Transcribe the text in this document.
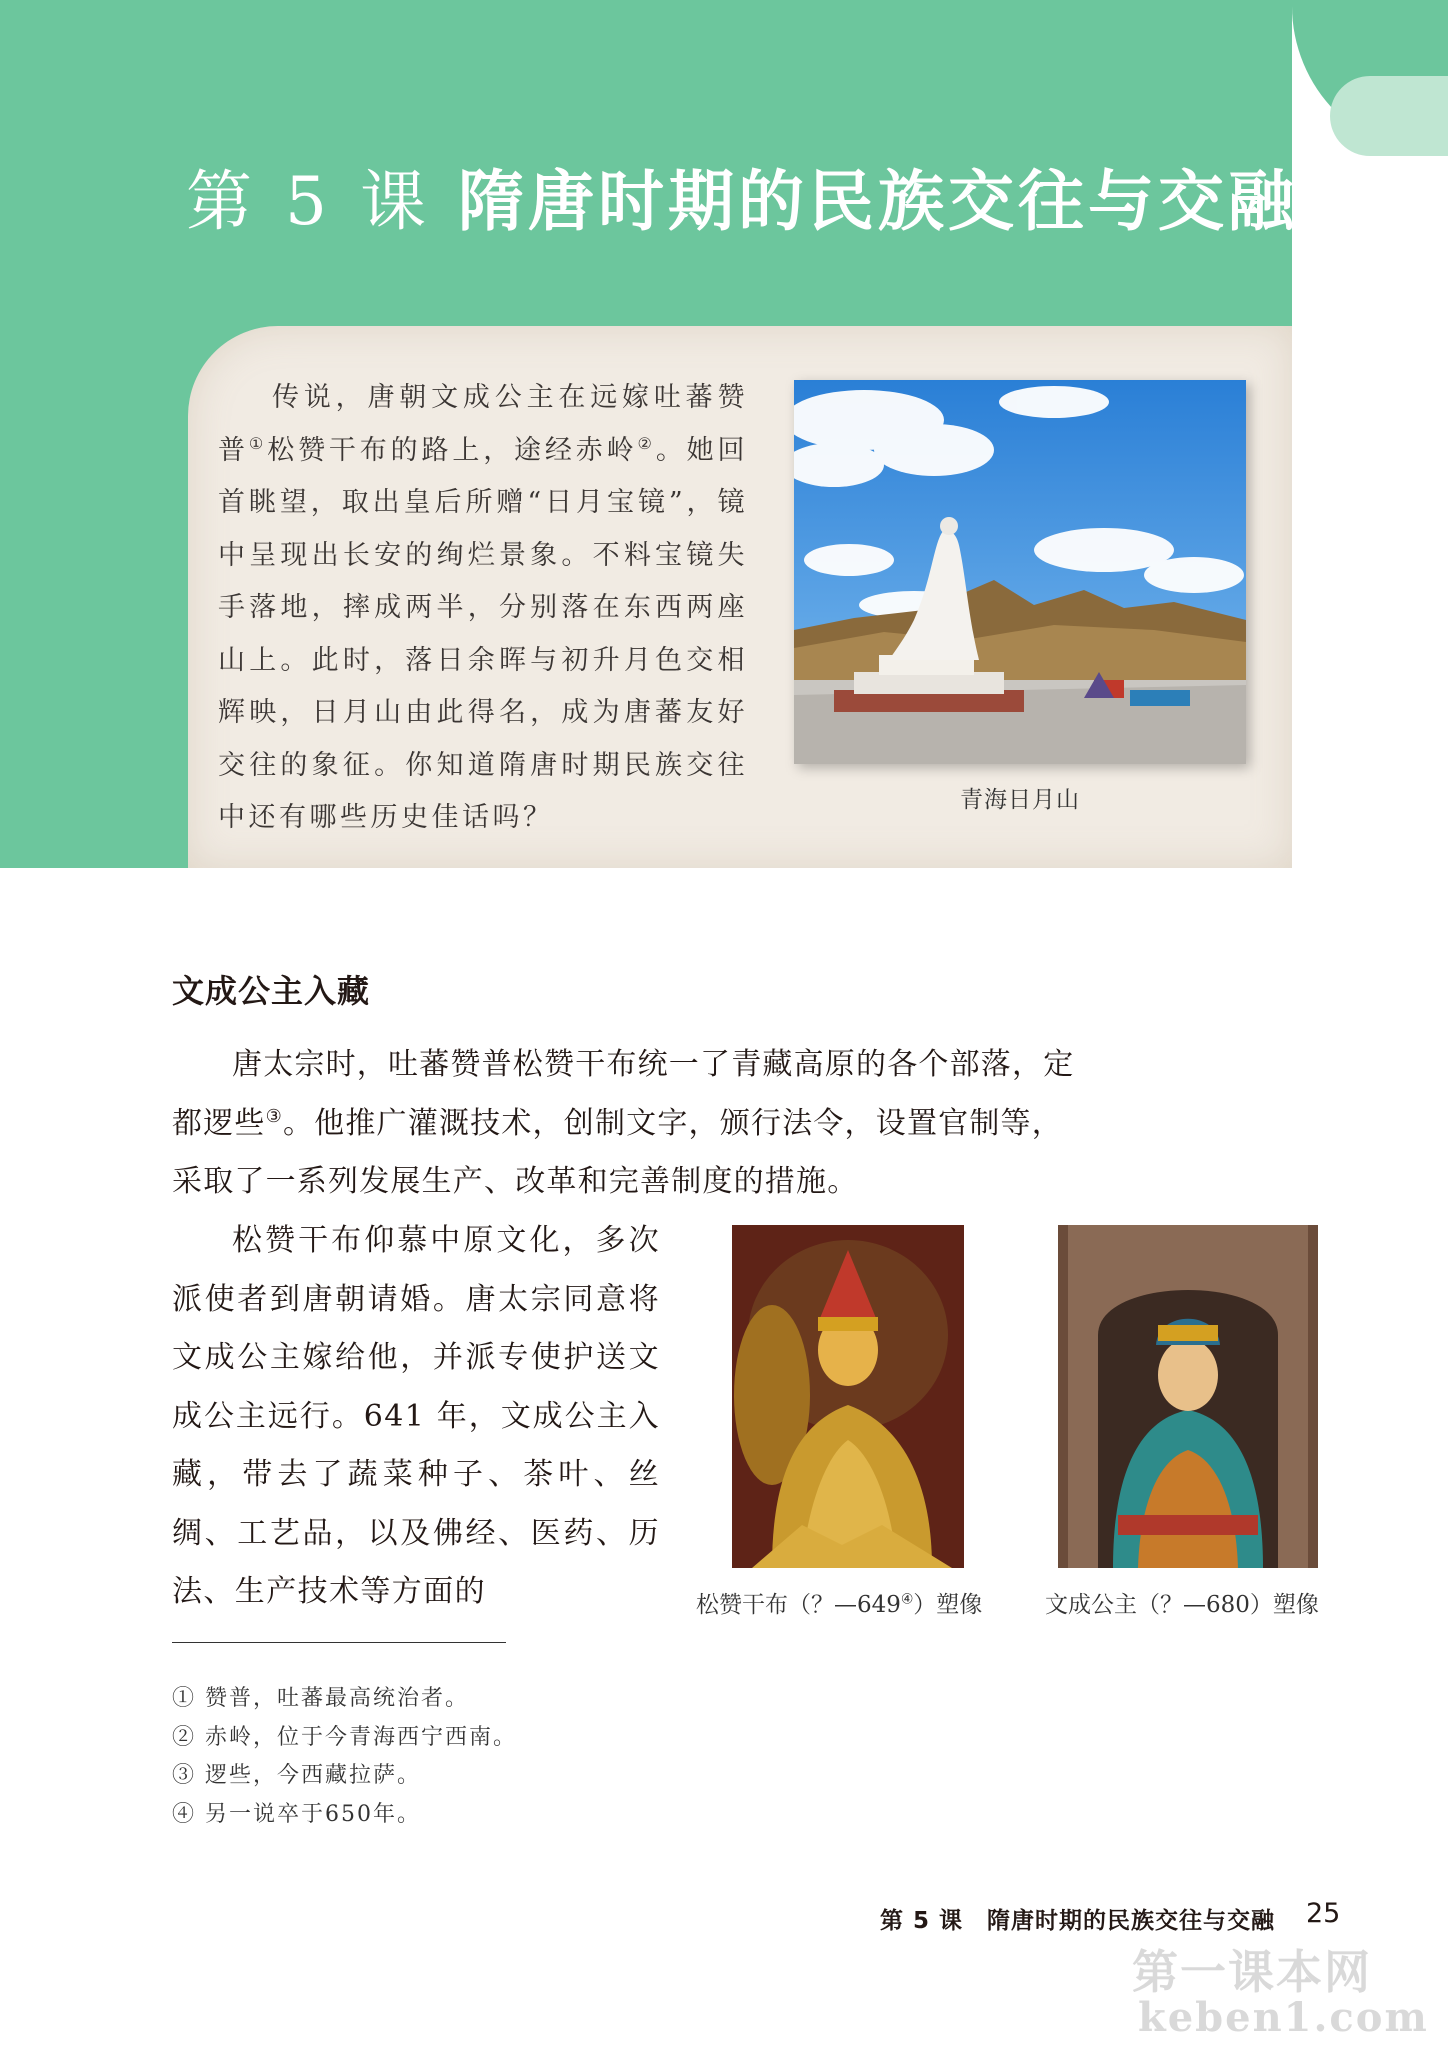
第 5 课 隋唐时期的民族交往与交融
传说，唐朝文成公主在远嫁吐蕃赞普①松赞干布的路上，途经赤岭②。她回首眺望，取出皇后所赠“日月宝镜”，镜中呈现出长安的绚烂景象。不料宝镜失手落地，摔成两半，分别落在东西两座山上。此时，落日余晖与初升月色交相辉映，日月山由此得名，成为唐蕃友好交往的象征。你知道隋唐时期民族交往中还有哪些历史佳话吗？
青海日月山
文成公主入藏
唐太宗时，吐蕃赞普松赞干布统一了青藏高原的各个部落，定都逻些③。他推广灌溉技术，创制文字，颁行法令，设置官制等，采取了一系列发展生产、改革和完善制度的措施。
松赞干布仰慕中原文化，多次派使者到唐朝请婚。唐太宗同意将文成公主嫁给他，并派专使护送文成公主远行。641 年，文成公主入藏，带去了蔬菜种子、茶叶、丝绸、工艺品，以及佛经、医药、历法、生产技术等方面的	松赞干布（？—649④）塑像	文成公主（？—680）塑像
① 赞普，吐蕃最高统治者。
② 赤岭，位于今青海西宁西南。
③ 逻些，今西藏拉萨。
④ 另一说卒于650年。
第 5 课　隋唐时期的民族交往与交融 25
第一课本网
keben1.com
